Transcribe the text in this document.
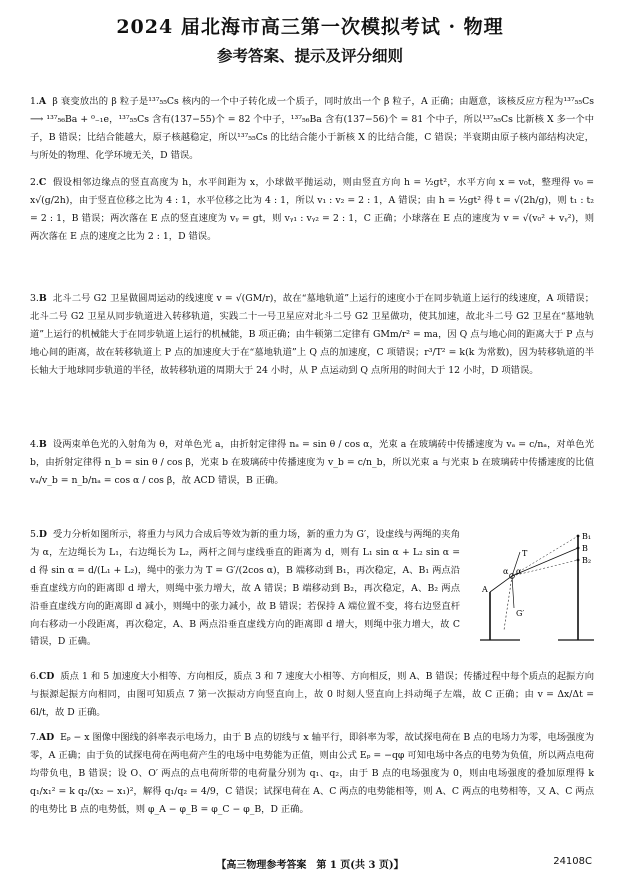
2024 届北海市高三第一次模拟考试 · 物理
参考答案、提示及评分细则
1.A β 衰变放出的 β 粒子是¹³⁷₅₅Cs 核内的一个中子转化成一个质子，同时放出一个 β 粒子，A 正确；由题意，该核反应方程为¹³⁷₅₅Cs ⟶ ¹³⁷₅₆Ba + ⁰₋₁e，¹³⁷₅₅Cs 含有(137−55)个 = 82 个中子，¹³⁷₅₆Ba 含有(137−56)个 = 81 个中子，所以¹³⁷₅₅Cs 比新核 X 多一个中子，B 错误；比结合能越大，原子核越稳定，所以¹³⁷₅₅Cs 的比结合能小于新核 X 的比结合能，C 错误；半衰期由原子核内部结构决定，与所处的物理、化学环境无关，D 错误。
2.C 假设相邻边缘点的竖直高度为 h，水平间距为 x，小球做平抛运动，则由竖直方向 h = ½gt²，水平方向 x = v₀t，整理得 v₀ = x√(g/2h)，由于竖直位移之比为 4 : 1，水平位移之比为 4 : 1，所以 v₁ : v₂ = 2 : 1，A 错误；由 h = ½gt² 得 t = √(2h/g)，则 t₁ : t₂ = 2 : 1，B 错误；两次落在 E 点的竖直速度为 vᵧ = gt，则 vᵧ₁ : vᵧ₂ = 2 : 1，C 正确；小球落在 E 点的速度为 v = √(v₀² + vᵧ²)，则两次落在 E 点的速度之比为 2 : 1，D 错误。
3.B 北斗二号 G2 卫星做圆周运动的线速度 v = √(GM/r)，故在“墓地轨道”上运行的速度小于在同步轨道上运行的线速度，A 项错误；北斗二号 G2 卫星从同步轨道进入转移轨道，实践二十一号卫星应对北斗二号 G2 卫星做功，使其加速，故北斗二号 G2 卫星在“墓地轨道”上运行的机械能大于在同步轨道上运行的机械能，B 项正确；由牛顿第二定律有 GMm/r² = ma，因 Q 点与地心间的距离大于 P 点与地心间的距离，故在转移轨道上 P 点的加速度大于在“墓地轨道”上 Q 点的加速度，C 项错误；r³/T² = k(k 为常数)，因为转移轨道的半长轴大于地球同步轨道的半径，故转移轨道的周期大于 24 小时，从 P 点运动到 Q 点所用的时间大于 12 小时，D 项错误。
4.B 设两束单色光的入射角为 θ，对单色光 a，由折射定律得 nₐ = sin θ / cos α，光束 a 在玻璃砖中传播速度为 vₐ = c/nₐ，对单色光 b，由折射定律得 n_b = sin θ / cos β，光束 b 在玻璃砖中传播速度为 v_b = c/n_b，所以光束 a 与光束 b 在玻璃砖中传播速度的比值 vₐ/v_b = n_b/nₐ = cos α / cos β，故 ACD 错误，B 正确。
5.D 受力分析如图所示，将重力与风力合成后等效为新的重力场，新的重力为 G′，设虚线与两绳的夹角为 α，左边绳长为 L₁，右边绳长为 L₂，两杆之间与虚线垂直的距离为 d，则有 L₁ sin α + L₂ sin α = d 得 sin α = d/(L₁ + L₂)，绳中的张力为 T = G′/(2cos α)，B 端移动到 B₁，再次稳定，A、B₁ 两点沿垂直虚线方向的距离即 d 增大，则绳中张力增大，故 A 错误；B 端移动到 B₂，再次稳定，A、B₂ 两点沿垂直虚线方向的距离即 d 减小，则绳中的张力减小，故 B 错误；若保持 A 端位置不变，将右边竖直杆向右移动一小段距离，再次稳定，A、B 两点沿垂直虚线方向的距离即 d 增大，则绳中张力增大，故 C 错误，D 正确。
6.CD 质点 1 和 5 加速度大小相等、方向相反，质点 3 和 7 速度大小相等、方向相反，则 A、B 错误；传播过程中每个质点的起振方向与振源起振方向相同，由图可知质点 7 第一次振动方向竖直向上，故 0 时刻人竖直向上抖动绳子左端，故 C 正确；由 v = Δx/Δt = 6l/t，故 D 正确。
7.AD Eₚ − x 图像中图线的斜率表示电场力，由于 B 点的切线与 x 轴平行，即斜率为零，故试探电荷在 B 点的电场力为零，电场强度为零，A 正确；由于负的试探电荷在两电荷产生的电场中电势能为正值，则由公式 Eₚ = −qφ 可知电场中各点的电势为负值，所以两点电荷均带负电，B 错误；设 O、O′ 两点的点电荷所带的电荷量分别为 q₁、q₂，由于 B 点的电场强度为 0，则由电场强度的叠加原理得 k q₁/x₁² = k q₂/(x₂ − x₁)²，解得 q₁/q₂ = 4/9，C 错误；试探电荷在 A、C 两点的电势能相等，则 A、C 两点的电势相等，又 A、C 两点的电势比 B 点的电势低，则 φ_A − φ_B = φ_C − φ_B，D 正确。
B₁
B
B₂
A
α α
T
G′
【高三物理参考答案　第 1 页(共 3 页)】	24108C
